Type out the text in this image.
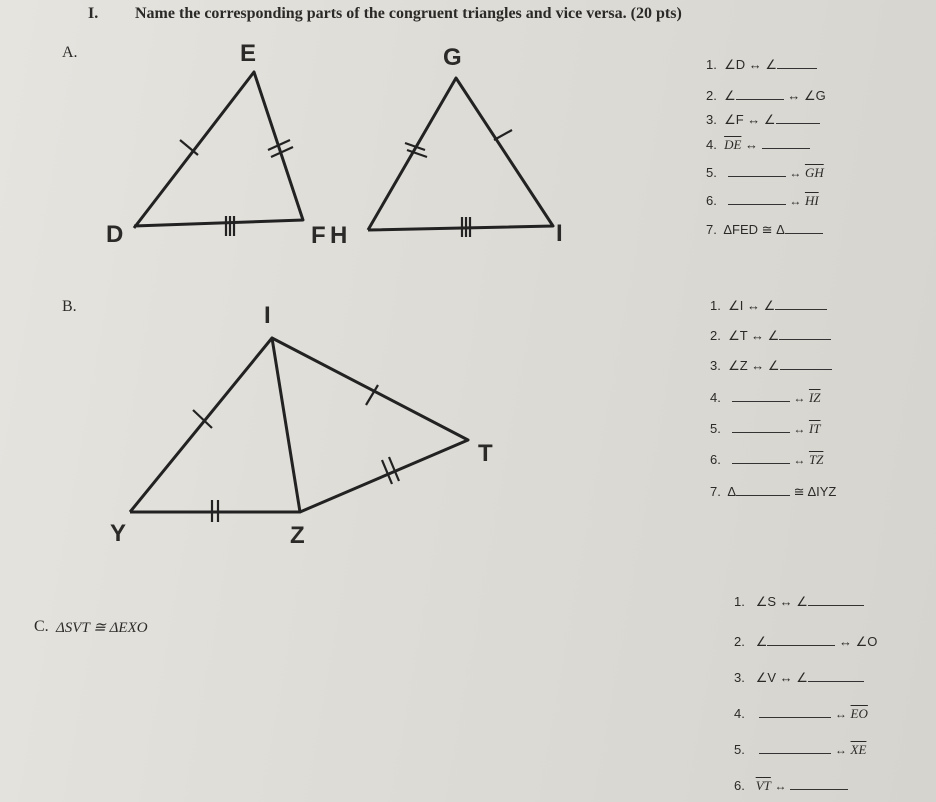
I. Name the corresponding parts of the congruent triangles and vice versa. (20 pts)
A.	E
D	F
G
H	I
1. ∠D ↔ ∠
2. ∠	↔ ∠G
3. ∠F ↔ ∠
4. $\overline{DE}$ ↔
5.	↔ $\overline{GH}$
6.	↔ $\overline{HI}$
7. ΔFED ≅ Δ
B.	I
T
Y	Z
1. ∠I ↔ ∠
2. ∠T ↔ ∠
3. ∠Z ↔ ∠
4.	↔ $\overline{IZ}$
5.	↔ $\overline{IT}$
6.	↔ $\overline{TZ}$
7. Δ	≅ ΔIYZ
C. ΔSVT ≅ ΔEXO
1. ∠S ↔ ∠
2. ∠	↔ ∠O
3. ∠V ↔ ∠
4.	↔ $\overline{EO}$
5.	↔ $\overline{XE}$
6. $\overline{VT}$ ↔
